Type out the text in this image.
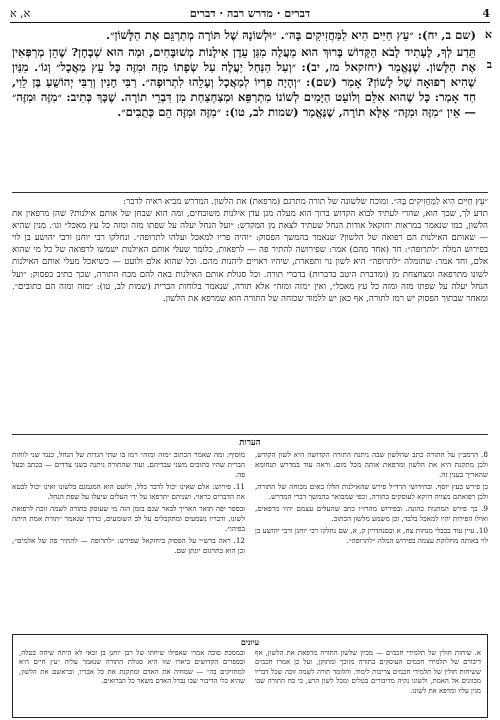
4
דברים · מדרש רבה · דברים
א, א
א
ב

(שם ב, יח): ״עֵץ חַיִּים הִיא לַמַּחֲזִיקִים בָּהּ״. ״וּלְשׁוֹנָהּ שֶׁל תּוֹרָה מְתַרְגֵּם אֶת הַלָּשׁוֹן״.

תֵּדַע לְךָ, לֶעָתִיד לָבֹא הַקָּדוֹשׁ בָּרוּךְ הוּא מַעֲלֶה מִגַּן עֵדֶן אִילָנוֹת מְשׁוּבָּחִים, וּמַה הוּא שְׁבָחָן? שֶׁהֵן מְרַפְּאִין אֶת הַלָּשׁוֹן. שֶׁנֶּאֱמַר (יחזקאל מז, יב): ״וְעַל הַנַּחַל יַעֲלֶה עַל שְׂפָתוֹ מִזֶּה וּמִזֶּה כָּל עֵץ מַאֲכָל״ וְגוֹ׳. מִנַּיִן שֶׁהִיא רְפוּאָה שֶׁל לָשׁוֹן? אָמַר (שם): ״וְהָיָה פִרְיוֹ לְמַאֲכָל וְעָלֵהוּ לִתְרוּפָה״. רַבִּי חָנִין וְרַבִּי יְהוֹשֻׁעַ בֶּן לֵוִי, חַד אָמַר: כָּל שֶׁהוּא אִלֵּם וְלוֹעֵט הַיָּמִים לְשׁוֹנוֹ מִתְרַפֵּא וּמְצַחְצַחַת מִן דִּבְרֵי תוֹרָה. שֶׁכָּךְ כְּתִיב: ״מִזֶּה וּמִזֶּה״ — אֵין ״מִזֶּה וּמִזֶּה״ אֶלָּא תוֹרָה, שֶׁנֶּאֱמַר (שמות לב, טו): ״מִזֶּה וּמִזֶּה הֵם כְּתֻבִים״.

״עֵץ חַיִּים הִיא לַמַּחֲזִיקִים בָּהּ״. ומוכח שלשונה של תורה מתרגם (מרפאת) את הלשון. המדרש מביא ראיה לדבר:

תדע לך, שכך הוא, שהרי לעתיד לבוא הקדוש ברוך הוא מעלה מגן עדן אילנות משובחים, ומה הוא שבחן של אותם אילנות? שהן מרפאין את הלשון, כמו שנאמר במראות יחזקאל אודות הנחל שעתיד לצאת מן המקדש: ״ועל הנחל יעלה על שפתו מזה ומזה כל עץ מאכל״ וגו׳. מנין שהיא — שאותם האילנות הם רפואה של הלשון? שנאמר בהמשך הפסוק: ״והיה פריו למאכל ועלהו לתרופה״. ונחלקו רבי יוחנן ורבי יהושע בן לוי בפירוש המלה ״לתרופה״: חד (אחד מהם) אמר: שפירושה להתיר פה — לרפאות, כלומר שעלי אותם האילנות ישמשו לרפואה של כל מי שהוא אלם, וחד אמר: שתומלה ״לתרופה״ היא לשון נוי ותפארת, שיהיו ראויים ליהנות מהם. וכל שהוא אלם ולועט — כשיאכל מעלי אותם האילנות לשונו מתרפאה ומצחצחת מן (ומדברת היטב בדברות) בדברי תורה. וכל סגולת אותם האילנות באה להם מכח התורה, שכך כתיב בפסוק: ״ועל הנחל יעלה על שפתו מזה ומזה כל עץ מאכל״, ואין ״מזה ומזה״ אלא תורה, שנאמר בלוחות הברית (שמות לב, טו): ״מזה ומזה הם כתובים״. ומאחר שבתוך הפסוק יש רמז לתורה, אף כאן יש ללמוד שכוחה של התורה הוא שמרפא את הלשון.

הערות

8. הרמב״ן על התורה כתב שהלשון שבה ניתנה התורה הקדושה היא לשון הקודש, ולכן מתקנת היא את הלשון ומרפאת אותה מכל מום. וראה עוד במדרש תנחומא שהאריך בענין זה.

כן פירש בעץ יוסף. ובחידושי הרד״ל פירש שהאילנות הללו באים מכוחה של התורה, ולכן רפואתם מצויה דווקא לעוסקים בתורה, וכפי שמבואר בהמשך דברי המדרש.

9. כך פירש המתנות כהונה. ובפירוש מהרז״ו כתב שהעלים עצמם יהיו מרפאים, ואילו הפירות יהיו למאכל בלבד, וכן משמע מלשון הכתוב.

10. עיין עוד בבבלי מנחות צח, א ובסנהדרין ק, א, שם נחלקו רבי יוחנן ורבי יהושע בן לוי באותה מחלוקת עצמה בפירוש המלה ״לתרופה״.

מוסיף: ומה שאמר הכתוב ״מזה ומזה״ רמז בו שתי הגדות של הנחל, כנגד שני לוחות הברית שהיו כתובים משני עבריהם. ועוד שהתורה ניתנה בשני צדדים — בכתב ובעל פה.

11. פירוש: אלם שאינו יכול לדבר כלל, ולועט הוא המגמגם בלשונו ואינו יכול לבטא את הדברים כראוי. ושניהם יתרפאו על ידי העלים שיעלו על שפת הנחל.

ובספר יפה תואר האריך לבאר שגם בזמן הזה מי שעוסק בתורה לשמה זוכה לרפואת לשונו, ודבריו נשמעים ומתקבלים על לב השומעים, כדרך שנאמר ״תורת אמת היתה בפיהו״.

12. ראה ברש״י על הפסוק ביחזקאל שפירש: ״לתרופה — להתיר פה של אלמים״, וכן הוא בתרגום יונתן שם.

עיונים
א. שיחות חולין של תלמידי חכמים — מכיון שלשון התורה מרפאת את הלשון, אף דיבורם של תלמידי חכמים העוסקים בתורה מזוכך ומתוקן, ועל כן אמרו חכמים ששיחות חולין של תלמידי חכמים צריכות לימוד. והלומד תורה לשמה זוכה שכל דבריו מכוונים אל האמת, ולשונו נקיה מדיבורים בטלים ומכל לשון הרע, כי כח התורה שבו מגין עליו ומרפא את לשונו.
ובמסכת סוכה אמרו שאפילו שיחתו של רבן יוחנן בן זכאי לא היתה שיחה בטלה, ובספרים הקדושים ביארו שזו היא סגולת התורה שנאמר עליה ״עץ חיים היא למחזיקים בה״ — שמחיה את האדם ומתקנת את כל אבריו, ובראשם את הלשון, שהיא כלי הדיבור שבו נבדל האדם משאר כל הברואים.
